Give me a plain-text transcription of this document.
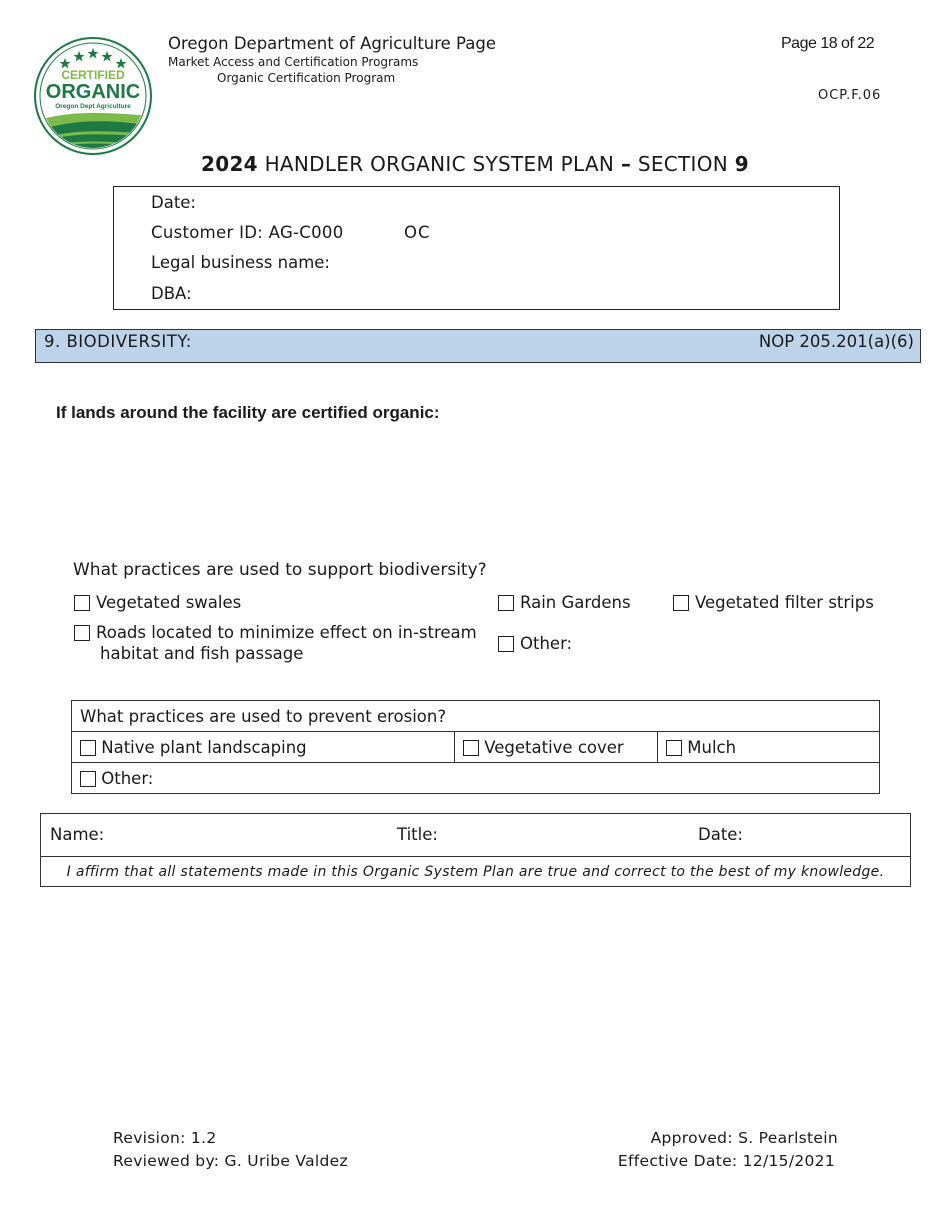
CERTIFIED
ORGANIC
Oregon Dept Agriculture
Oregon Department of Agriculture Page
Market Access and Certification Programs
Organic Certification Program
Page 18 of 22
OCP.F.06
2024 HANDLER ORGANIC SYSTEM PLAN – SECTION 9
Date:
Customer ID: AG-C000	OC
Legal business name:
DBA:
9. BIODIVERSITY:	NOP 205.201(a)(6)
If lands around the facility are certified organic:
What practices are used to support biodiversity?
Vegetated swales	Rain Gardens	Vegetated filter strips
Roads located to minimize effect on in-stream
habitat and fish passage
Other:
What practices are used to prevent erosion?
Native plant landscaping	Vegetative cover	Mulch
Other:
Name:	Title:	Date:

I affirm that all statements made in this Organic System Plan are true and correct to the best of my knowledge.
Revision: 1.2
Reviewed by: G. Uribe Valdez
Approved: S. Pearlstein
Effective Date: 12/15/2021
